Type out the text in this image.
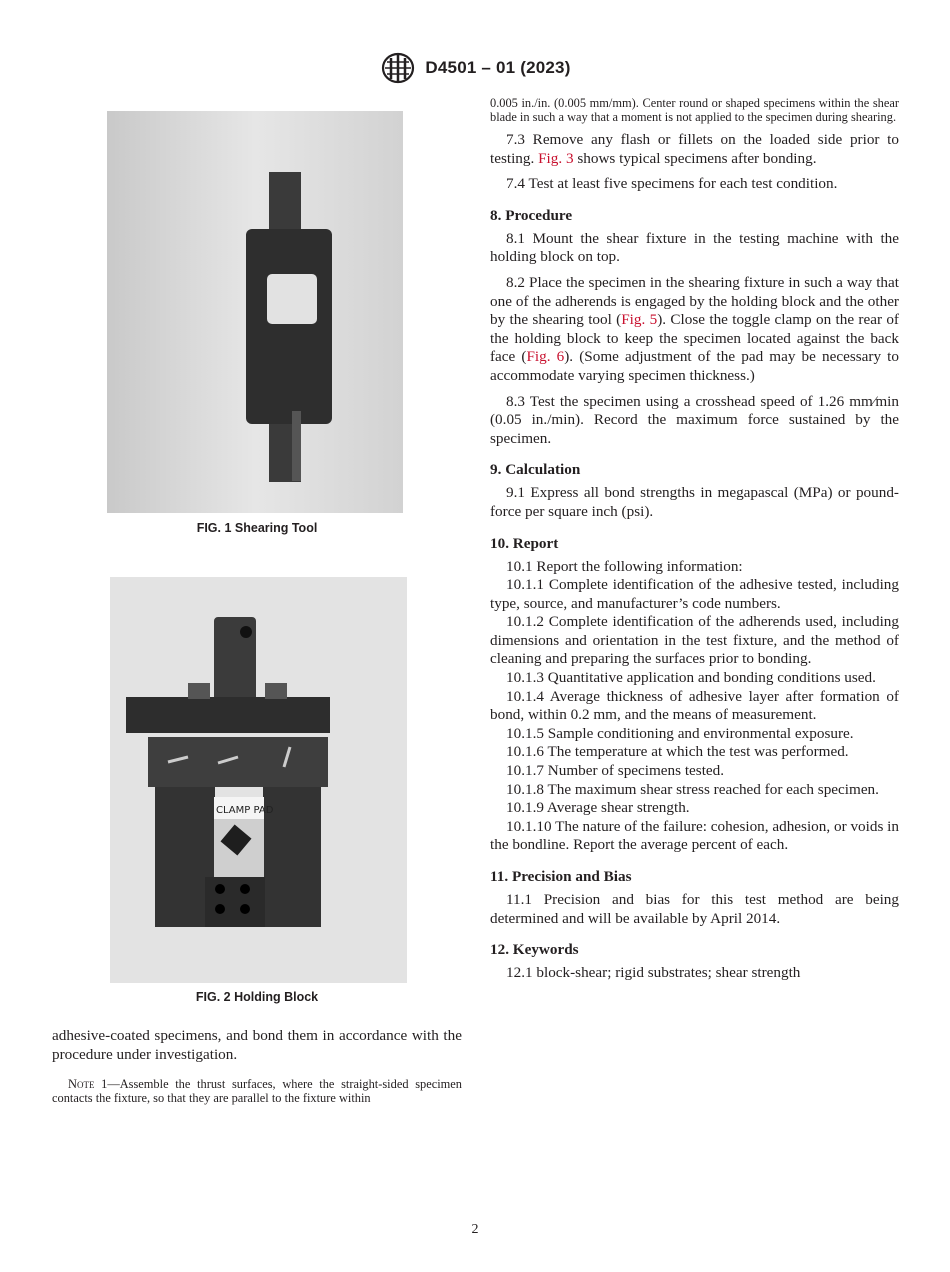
D4501 – 01 (2023)
FIG. 1 Shearing Tool
CLAMP PAD
FIG. 2 Holding Block

adhesive-coated specimens, and bond them in accordance with the procedure under investigation.

Note 1—Assemble the thrust surfaces, where the straight-sided specimen contacts the fixture, so that they are parallel to the fixture within

0.005 in./in. (0.005 mm/mm). Center round or shaped specimens within the shear blade in such a way that a moment is not applied to the specimen during shearing.

7.3 Remove any flash or fillets on the loaded side prior to testing. Fig. 3 shows typical specimens after bonding.

7.4 Test at least five specimens for each test condition.

8. Procedure

8.1 Mount the shear fixture in the testing machine with the holding block on top.

8.2 Place the specimen in the shearing fixture in such a way that one of the adherends is engaged by the holding block and the other by the shearing tool (Fig. 5). Close the toggle clamp on the rear of the holding block to keep the specimen located against the back face (Fig. 6). (Some adjustment of the pad may be necessary to accommodate varying specimen thickness.)

8.3 Test the specimen using a crosshead speed of 1.26 mm⁄min (0.05 in./min). Record the maximum force sustained by the specimen.

9. Calculation

9.1 Express all bond strengths in megapascal (MPa) or pound-force per square inch (psi).

10. Report

10.1 Report the following information:

10.1.1 Complete identification of the adhesive tested, including type, source, and manufacturer’s code numbers.

10.1.2 Complete identification of the adherends used, including dimensions and orientation in the test fixture, and the method of cleaning and preparing the surfaces prior to bonding.

10.1.3 Quantitative application and bonding conditions used.

10.1.4 Average thickness of adhesive layer after formation of bond, within 0.2 mm, and the means of measurement.

10.1.5 Sample conditioning and environmental exposure.

10.1.6 The temperature at which the test was performed.

10.1.7 Number of specimens tested.

10.1.8 The maximum shear stress reached for each specimen.

10.1.9 Average shear strength.

10.1.10 The nature of the failure: cohesion, adhesion, or voids in the bondline. Report the average percent of each.

11. Precision and Bias

11.1 Precision and bias for this test method are being determined and will be available by April 2014.

12. Keywords

12.1 block-shear; rigid substrates; shear strength

2
